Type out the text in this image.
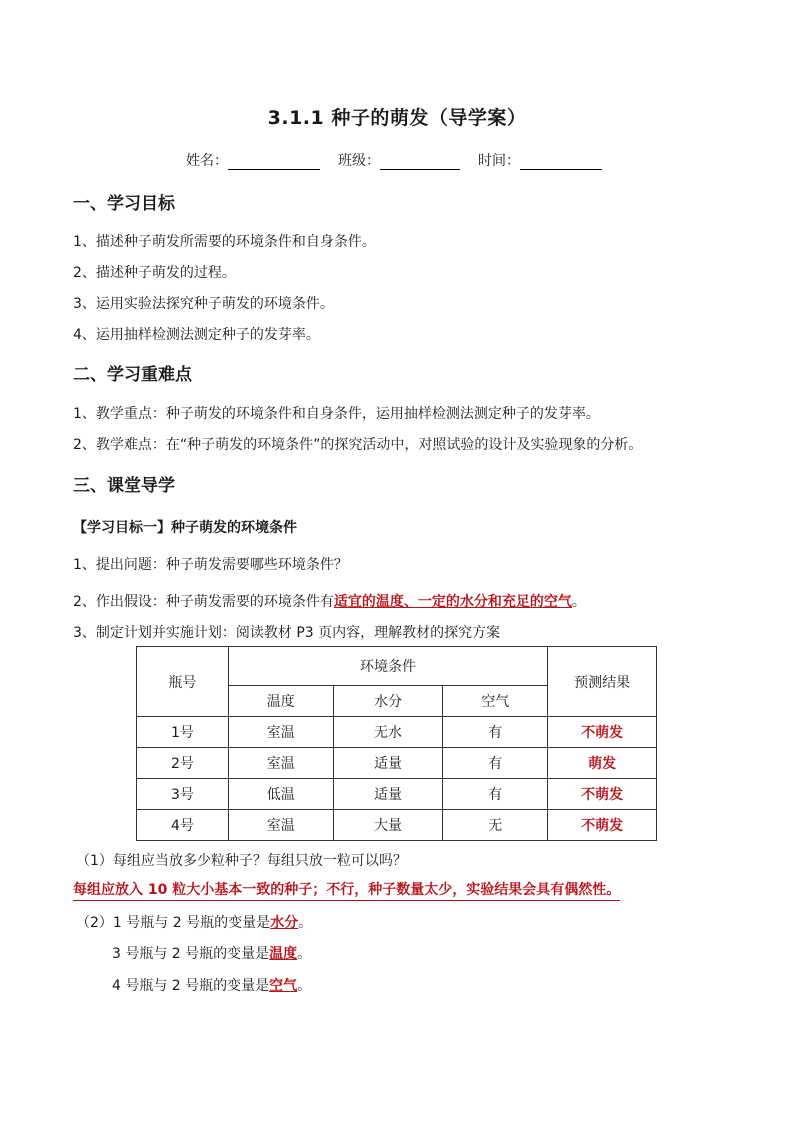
3.1.1 种子的萌发（导学案）
姓名：	班级：	时间：
一、学习目标
1、描述种子萌发所需要的环境条件和自身条件。
2、描述种子萌发的过程。
3、运用实验法探究种子萌发的环境条件。
4、运用抽样检测法测定种子的发芽率。
二、学习重难点
1、教学重点：种子萌发的环境条件和自身条件，运用抽样检测法测定种子的发芽率。
2、教学难点：在“种子萌发的环境条件”的探究活动中，对照试验的设计及实验现象的分析。
三、课堂导学
【学习目标一】种子萌发的环境条件
1、提出问题：种子萌发需要哪些环境条件？
2、作出假设：种子萌发需要的环境条件有适宜的温度、一定的水分和充足的空气。
3、制定计划并实施计划：阅读教材 P3 页内容，理解教材的探究方案
瓶号	环境条件			预测结果
	温度	水分	空气	
1号	室温	无水	有	不萌发
2号	室温	适量	有	萌发
3号	低温	适量	有	不萌发
4号	室温	大量	无	不萌发
（1）每组应当放多少粒种子？每组只放一粒可以吗？
每组应放入 10 粒大小基本一致的种子；不行，种子数量太少，实验结果会具有偶然性。
（2）1 号瓶与 2 号瓶的变量是水分。
3 号瓶与 2 号瓶的变量是温度。
4 号瓶与 2 号瓶的变量是空气。
